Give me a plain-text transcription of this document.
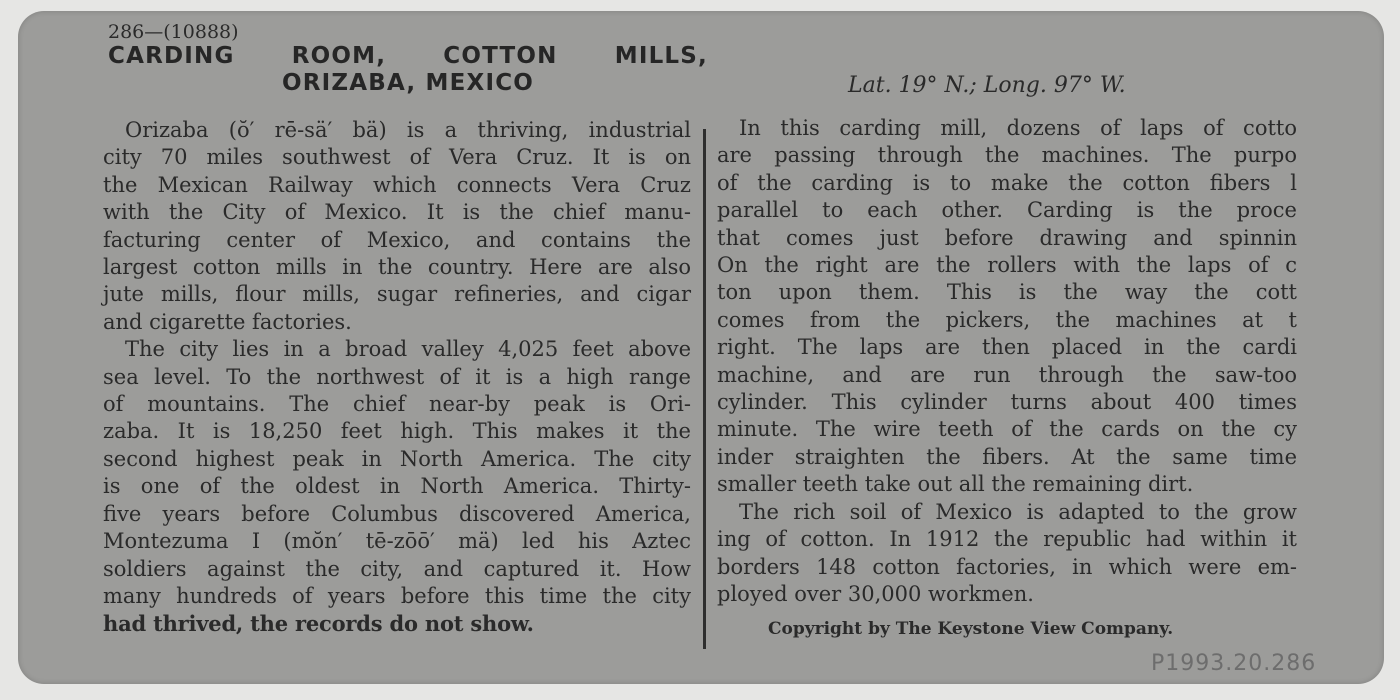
286—(10888)
CARDING ROOM, COTTON MILLS,
ORIZABA, MEXICO	Lat. 19° N.; Long. 97° W.
Orizaba (ŏ′ rē-sä′ bä) is a thriving, industrial
city 70 miles southwest of Vera Cruz. It is on
the Mexican Railway which connects Vera Cruz
with the City of Mexico. It is the chief manu-
facturing center of Mexico, and contains the
largest cotton mills in the country. Here are also
jute mills, flour mills, sugar refineries, and cigar
and cigarette factories.
The city lies in a broad valley 4,025 feet above
sea level. To the northwest of it is a high range
of mountains. The chief near-by peak is Ori-
zaba. It is 18,250 feet high. This makes it the
second highest peak in North America. The city
is one of the oldest in North America. Thirty-
five years before Columbus discovered America,
Montezuma I (mŏn′ tē-zōō′ mä) led his Aztec
soldiers against the city, and captured it. How
many hundreds of years before this time the city
had thrived, the records do not show.
In this carding mill, dozens of laps of cotto
are passing through the machines. The purpo
of the carding is to make the cotton fibers l
parallel to each other. Carding is the proce
that comes just before drawing and spinnin
On the right are the rollers with the laps of c
ton upon them. This is the way the cott
comes from the pickers, the machines at t
right. The laps are then placed in the cardi
machine, and are run through the saw-too
cylinder. This cylinder turns about 400 times
minute. The wire teeth of the cards on the cy
inder straighten the fibers. At the same time
smaller teeth take out all the remaining dirt.
The rich soil of Mexico is adapted to the grow
ing of cotton. In 1912 the republic had within it
borders 148 cotton factories, in which were em-
ployed over 30,000 workmen.
Copyright by The Keystone View Company.
P1993.20.286
